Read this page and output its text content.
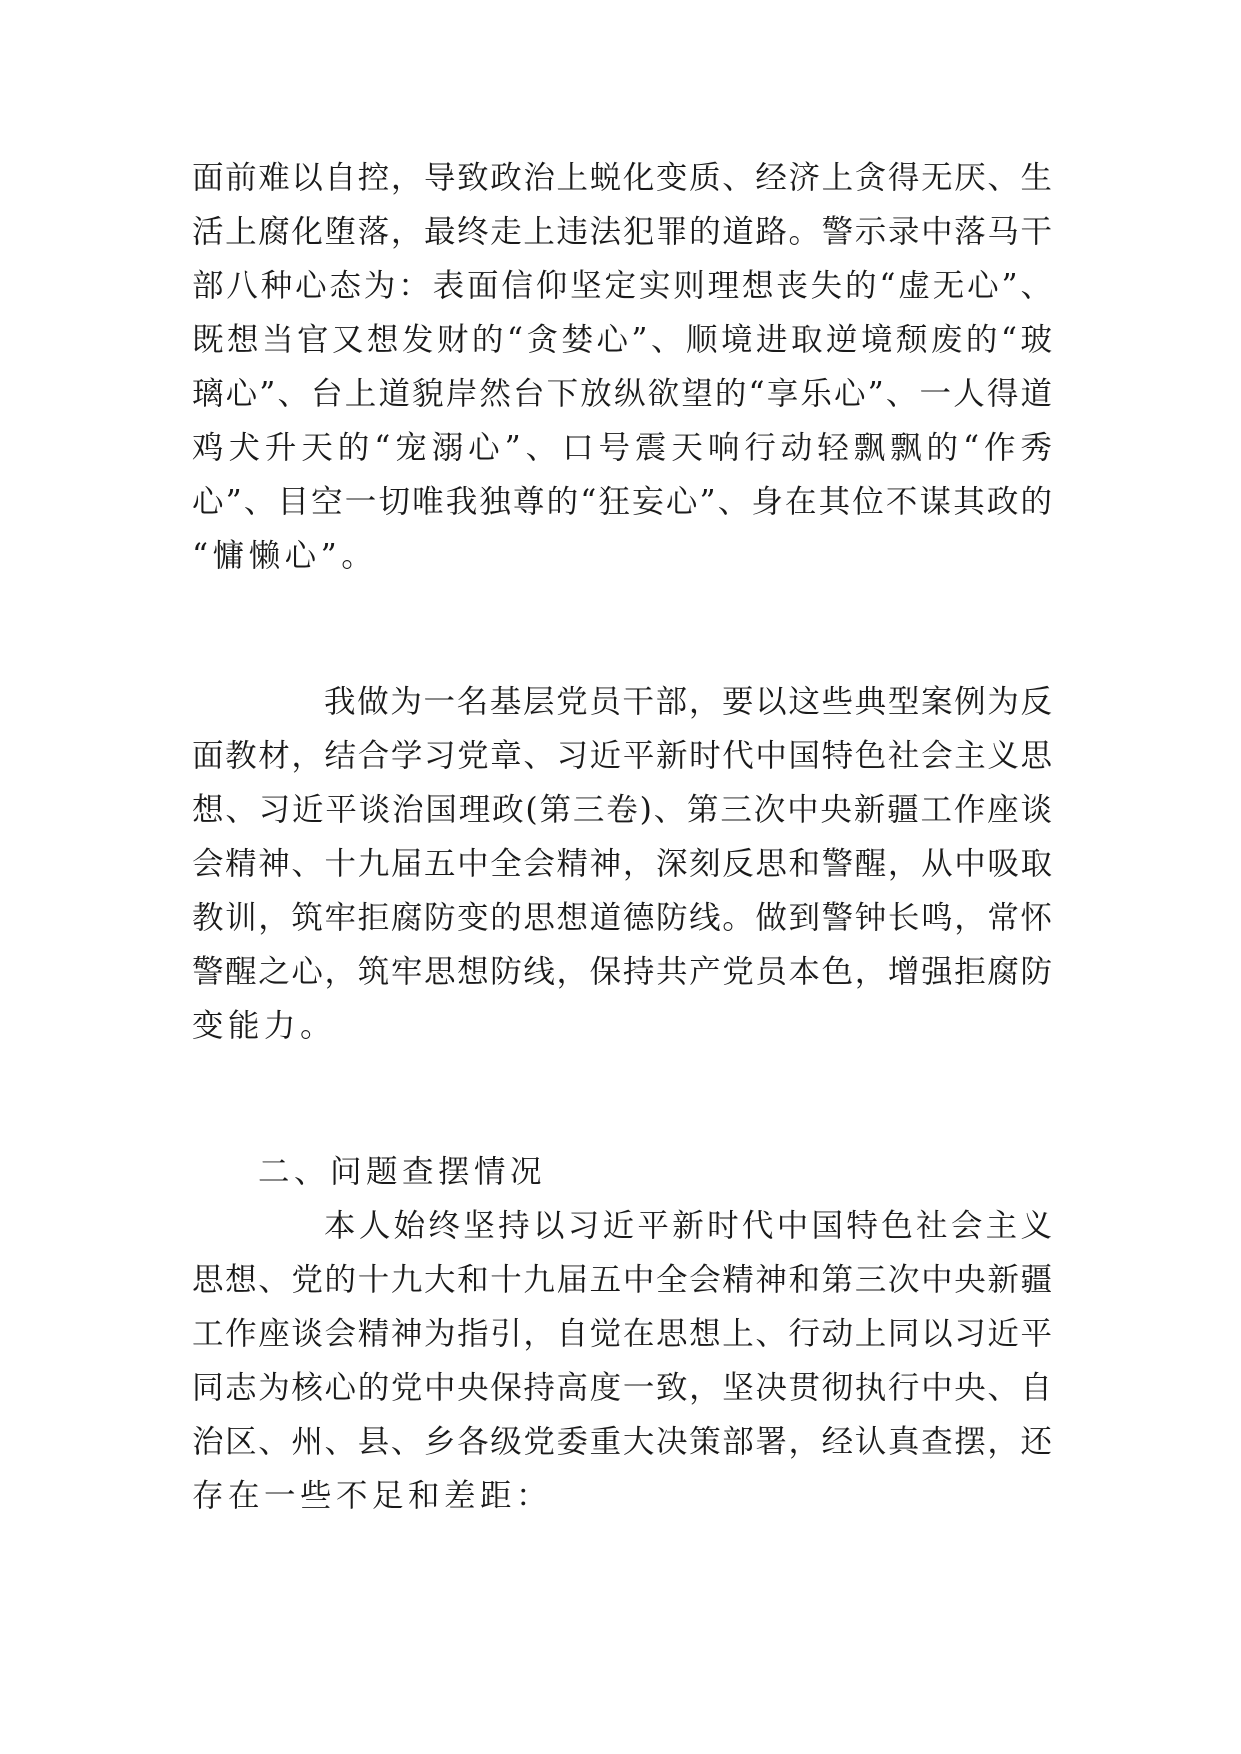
面前难以自控，导致政治上蜕化变质、经济上贪得无厌、生
活上腐化堕落，最终走上违法犯罪的道路。警示录中落马干
部八种心态为：表面信仰坚定实则理想丧失的“虚无心”、
既想当官又想发财的“贪婪心”、顺境进取逆境颓废的“玻
璃心”、台上道貌岸然台下放纵欲望的“享乐心”、一人得道
鸡犬升天的“宠溺心”、口号震天响行动轻飘飘的“作秀
心”、目空一切唯我独尊的“狂妄心”、身在其位不谋其政的
“慵懒心”。
我做为一名基层党员干部，要以这些典型案例为反
面教材，结合学习党章、习近平新时代中国特色社会主义思
想、习近平谈治国理政(第三卷)、第三次中央新疆工作座谈
会精神、十九届五中全会精神，深刻反思和警醒，从中吸取
教训，筑牢拒腐防变的思想道德防线。做到警钟长鸣，常怀
警醒之心，筑牢思想防线，保持共产党员本色，增强拒腐防
变能力。
二、问题查摆情况
本人始终坚持以习近平新时代中国特色社会主义
思想、党的十九大和十九届五中全会精神和第三次中央新疆
工作座谈会精神为指引，自觉在思想上、行动上同以习近平
同志为核心的党中央保持高度一致，坚决贯彻执行中央、自
治区、州、县、乡各级党委重大决策部署，经认真查摆，还
存在一些不足和差距：
